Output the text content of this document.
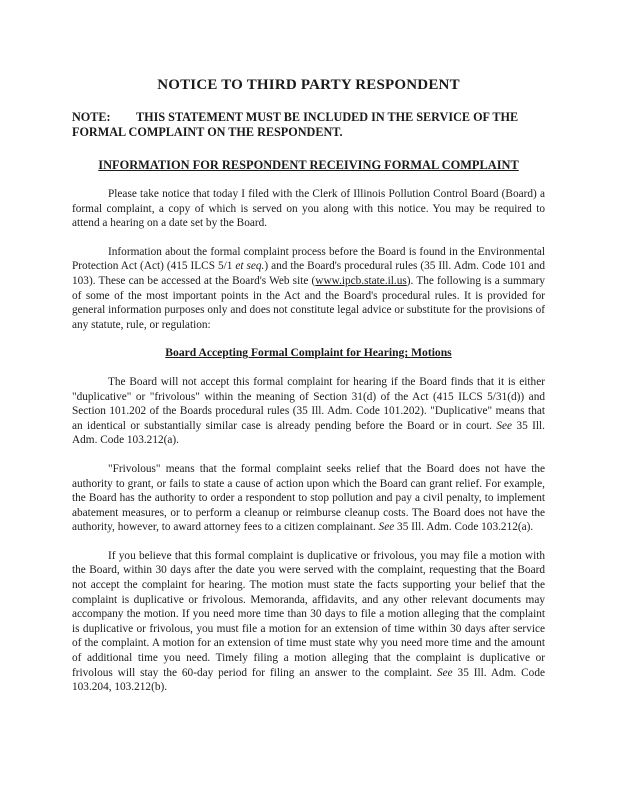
NOTICE TO THIRD PARTY RESPONDENT
NOTE: THIS STATEMENT MUST BE INCLUDED IN THE SERVICE OF THE FORMAL COMPLAINT ON THE RESPONDENT.
INFORMATION FOR RESPONDENT RECEIVING FORMAL COMPLAINT

Please take notice that today I filed with the Clerk of Illinois Pollution Control Board (Board) a formal complaint, a copy of which is served on you along with this notice. You may be required to attend a hearing on a date set by the Board.

Information about the formal complaint process before the Board is found in the Environmental Protection Act (Act) (415 ILCS 5/1 et seq.) and the Board's procedural rules (35 Ill. Adm. Code 101 and 103). These can be accessed at the Board's Web site (www.ipcb.state.il.us). The following is a summary of some of the most important points in the Act and the Board's procedural rules. It is provided for general information purposes only and does not constitute legal advice or substitute for the provisions of any statute, rule, or regulation:

Board Accepting Formal Complaint for Hearing; Motions

The Board will not accept this formal complaint for hearing if the Board finds that it is either "duplicative" or "frivolous" within the meaning of Section 31(d) of the Act (415 ILCS 5/31(d)) and Section 101.202 of the Boards procedural rules (35 Ill. Adm. Code 101.202). "Duplicative" means that an identical or substantially similar case is already pending before the Board or in court. See 35 Ill. Adm. Code 103.212(a).

"Frivolous" means that the formal complaint seeks relief that the Board does not have the authority to grant, or fails to state a cause of action upon which the Board can grant relief. For example, the Board has the authority to order a respondent to stop pollution and pay a civil penalty, to implement abatement measures, or to perform a cleanup or reimburse cleanup costs. The Board does not have the authority, however, to award attorney fees to a citizen complainant. See 35 Ill. Adm. Code 103.212(a).

If you believe that this formal complaint is duplicative or frivolous, you may file a motion with the Board, within 30 days after the date you were served with the complaint, requesting that the Board not accept the complaint for hearing. The motion must state the facts supporting your belief that the complaint is duplicative or frivolous. Memoranda, affidavits, and any other relevant documents may accompany the motion. If you need more time than 30 days to file a motion alleging that the complaint is duplicative or frivolous, you must file a motion for an extension of time within 30 days after service of the complaint. A motion for an extension of time must state why you need more time and the amount of additional time you need. Timely filing a motion alleging that the complaint is duplicative or frivolous will stay the 60-day period for filing an answer to the complaint. See 35 Ill. Adm. Code 103.204, 103.212(b).
